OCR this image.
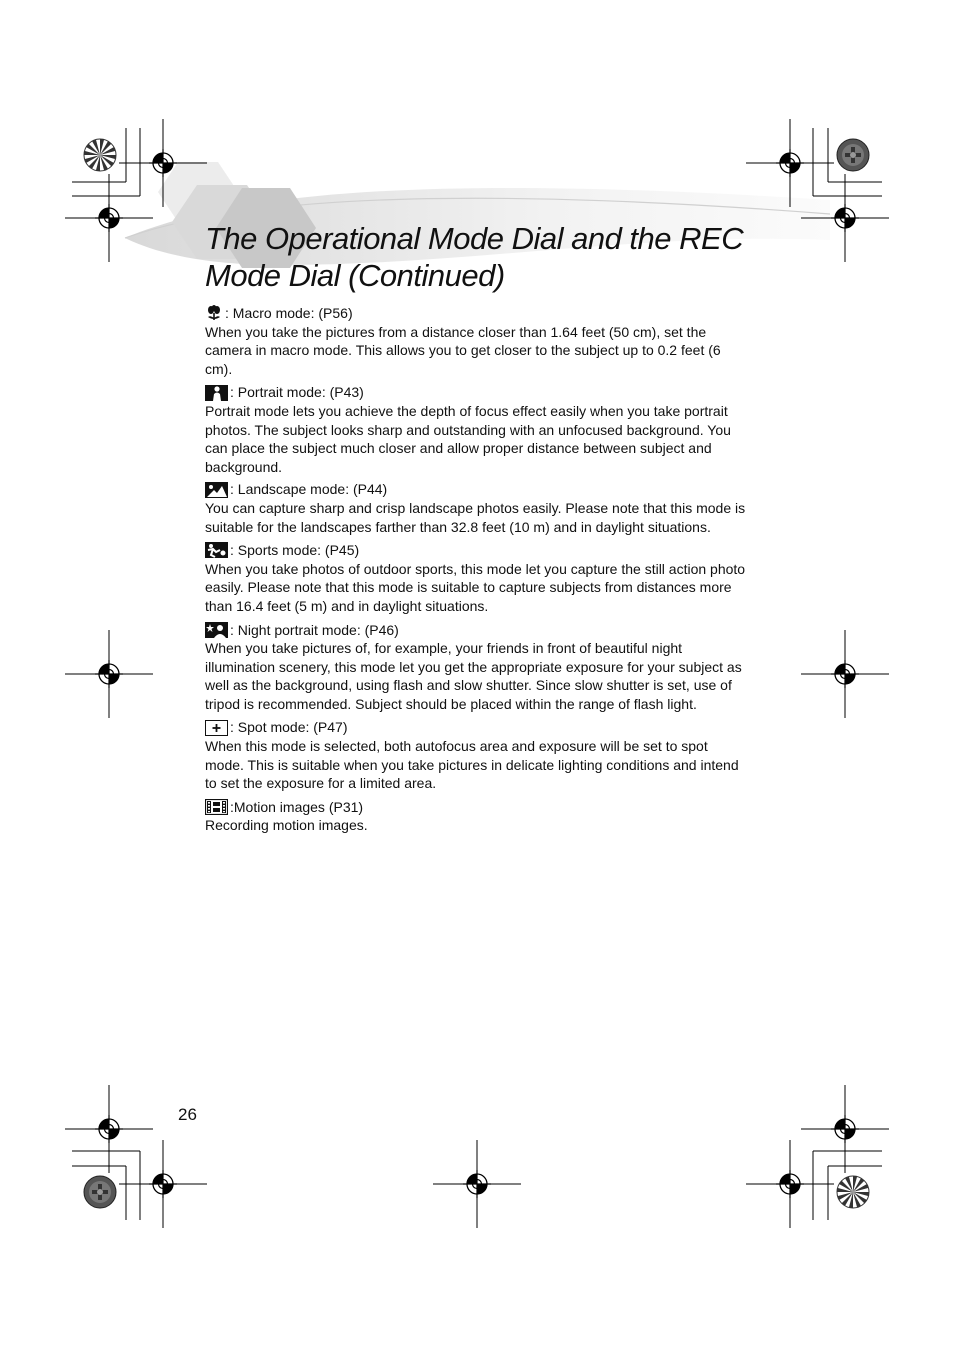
The Operational Mode Dial and the REC Mode Dial (Continued)
: Macro mode: (P56)

When you take the pictures from a distance closer than 1.64 feet (50 cm), set the camera in macro mode. This allows you to get closer to the subject up to 0.2 feet (6 cm).

: Portrait mode: (P43)

Portrait mode lets you achieve the depth of focus effect easily when you take portrait photos. The subject looks sharp and outstanding with an unfocused background. You can place the subject much closer and allow proper distance between subject and background.

: Landscape mode: (P44)

You can capture sharp and crisp landscape photos easily. Please note that this mode is suitable for the landscapes farther than 32.8 feet (10 m) and in daylight situations.

: Sports mode: (P45)

When you take photos of outdoor sports, this mode let you capture the still action photo easily. Please note that this mode is suitable to capture subjects from distances more than 16.4 feet (5 m) and in daylight situations.

: Night portrait mode: (P46)

When you take pictures of, for example, your friends in front of beautiful night illumination scenery, this mode let you get the appropriate exposure for your subject as well as the background, using flash and slow shutter. Since slow shutter is set, use of tripod is recommended. Subject should be placed within the range of flash light.

: Spot mode: (P47)

When this mode is selected, both autofocus area and exposure will be set to spot mode. This is suitable when you take pictures in delicate lighting conditions and intend to set the exposure for a limited area.

:Motion images (P31)

Recording motion images.

26
